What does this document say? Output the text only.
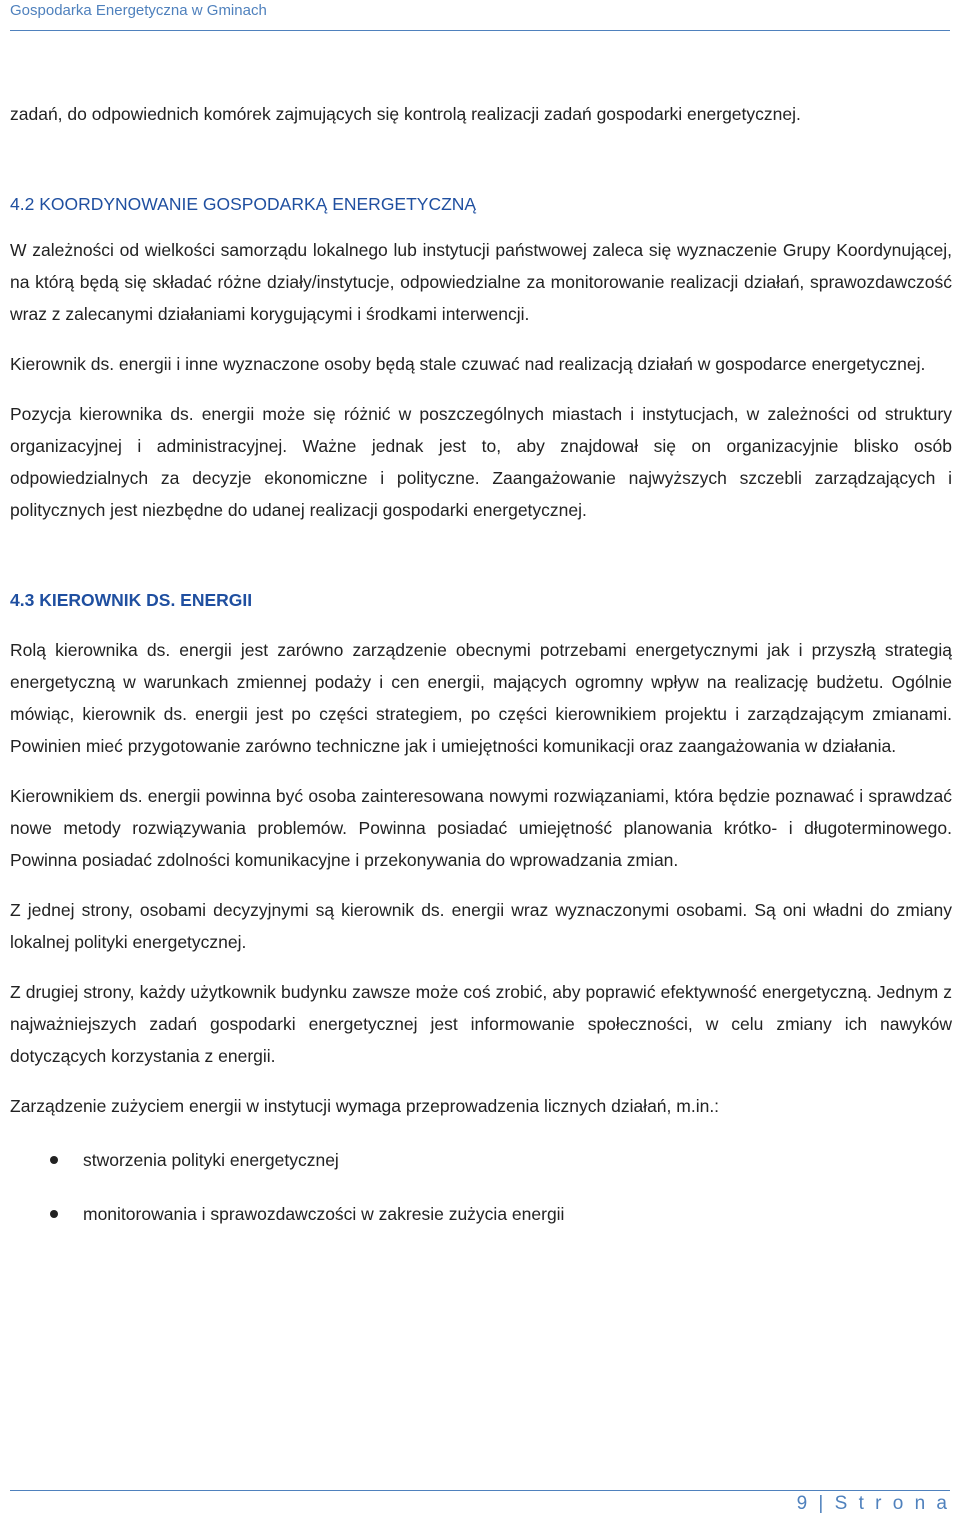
Gospodarka Energetyczna w Gminach

zadań, do odpowiednich komórek zajmujących się kontrolą realizacji zadań gospodarki energetycznej.

4.2 KOORDYNOWANIE GOSPODARKĄ ENERGETYCZNĄ

W zależności od wielkości samorządu lokalnego lub instytucji państwowej zaleca się wyznaczenie Grupy Koordynującej, na którą będą się składać różne działy/instytucje, odpowiedzialne za monitorowanie realizacji działań, sprawozdawczość wraz z zalecanymi działaniami korygującymi i środkami interwencji.

Kierownik ds. energii i inne wyznaczone osoby będą stale czuwać nad realizacją działań w gospodarce energetycznej.

Pozycja kierownika ds. energii może się różnić w poszczególnych miastach i instytucjach, w zależności od struktury organizacyjnej i administracyjnej. Ważne jednak jest to, aby znajdował się on organizacyjnie blisko osób odpowiedzialnych za decyzje ekonomiczne i polityczne. Zaangażowanie najwyższych szczebli zarządzających i politycznych jest niezbędne do udanej realizacji gospodarki energetycznej.

4.3 KIEROWNIK DS. ENERGII

Rolą kierownika ds. energii jest zarówno zarządzenie obecnymi potrzebami energetycznymi jak i przyszłą strategią energetyczną w warunkach zmiennej podaży i cen energii, mających ogromny wpływ na realizację budżetu. Ogólnie mówiąc, kierownik ds. energii jest po części strategiem, po części kierownikiem projektu i zarządzającym zmianami. Powinien mieć przygotowanie zarówno techniczne jak i umiejętności komunikacji oraz zaangażowania w działania.

Kierownikiem ds. energii powinna być osoba zainteresowana nowymi rozwiązaniami, która będzie poznawać i sprawdzać nowe metody rozwiązywania problemów. Powinna posiadać umiejętność planowania krótko- i długoterminowego. Powinna posiadać zdolności komunikacyjne i przekonywania do wprowadzania zmian.

Z jednej strony, osobami decyzyjnymi są kierownik ds. energii wraz wyznaczonymi osobami. Są oni władni do zmiany lokalnej polityki energetycznej.

Z drugiej strony, każdy użytkownik budynku zawsze może coś zrobić, aby poprawić efektywność energetyczną. Jednym z najważniejszych zadań gospodarki energetycznej jest informowanie społeczności, w celu zmiany ich nawyków dotyczących korzystania z energii.

Zarządzenie zużyciem energii w instytucji wymaga przeprowadzenia licznych działań, m.in.:

stworzenia polityki energetycznej
monitorowania i sprawozdawczości w zakresie zużycia energii
9 | S t r o n a
